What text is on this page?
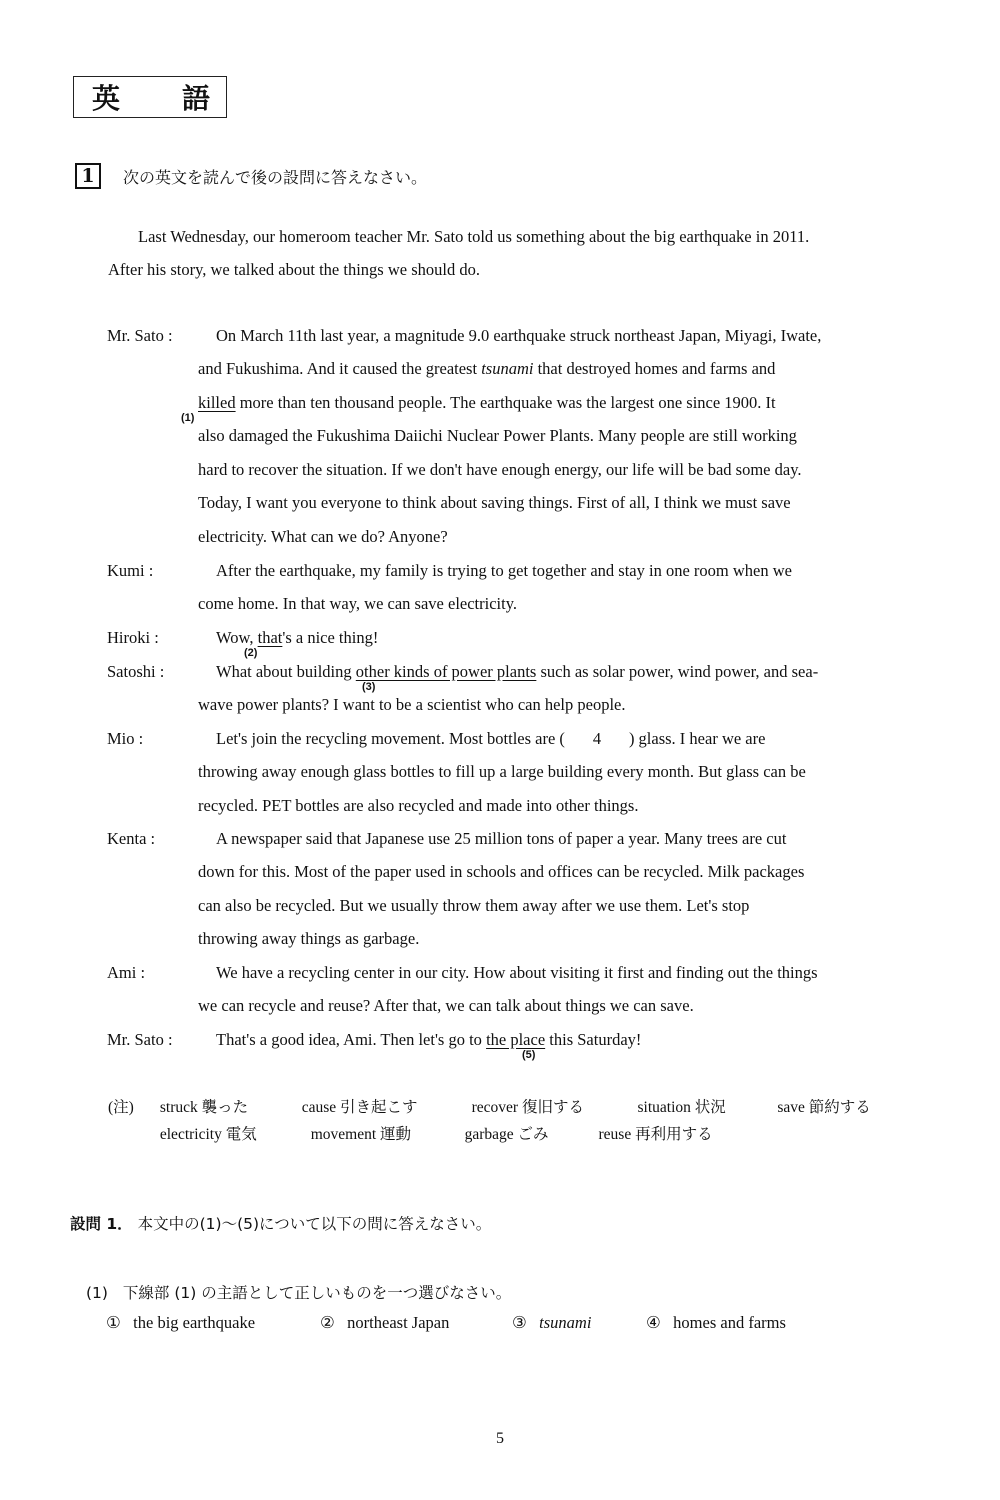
英 語
1	次の英文を読んで後の設問に答えなさい。
Last Wednesday, our homeroom teacher Mr. Sato told us something about the big earthquake in 2011.
After his story, we talked about the things we should do.
Mr. Sato :	On March 11th last year, a magnitude 9.0 earthquake struck northeast Japan, Miyagi, Iwate,
and Fukushima. And it caused the greatest tsunami that destroyed homes and farms and
killed more than ten thousand people. The earthquake was the largest one since 1900. It
also damaged the Fukushima Daiichi Nuclear Power Plants. Many people are still working
hard to recover the situation. If we don't have enough energy, our life will be bad some day.
Today, I want you everyone to think about saving things. First of all, I think we must save
electricity. What can we do? Anyone?
(1)
Kumi :	After the earthquake, my family is trying to get together and stay in one room when we
come home. In that way, we can save electricity.
Hiroki :	Wow, that's a nice thing!
(2)
Satoshi :	What about building other kinds of power plants such as solar power, wind power, and sea-
wave power plants? I want to be a scientist who can help people.
(3)
Mio :	Let's join the recycling movement. Most bottles are ( 4 ) glass. I hear we are
throwing away enough glass bottles to fill up a large building every month. But glass can be
recycled. PET bottles are also recycled and made into other things.
Kenta :	A newspaper said that Japanese use 25 million tons of paper a year. Many trees are cut
down for this. Most of the paper used in schools and offices can be recycled. Milk packages
can also be recycled. But we usually throw them away after we use them. Let's stop
throwing away things as garbage.
Ami :	We have a recycling center in our city. How about visiting it first and finding out the things
we can recycle and reuse? After that, we can talk about things we can save.
Mr. Sato :	That's a good idea, Ami. Then let's go to the place this Saturday!
(5)
(注) struck 襲った	cause 引き起こす	recover 復旧する	situation 状況	save 節約する
electricity 電気	movement 運動	garbage ごみ	reuse 再利用する
設問 1． 本文中の(1)〜(5)について以下の問に答えなさい。
(1) 下線部 (1) の主語として正しいものを一つ選びなさい。
① the big earthquake	② northeast Japan	③ tsunami	④ homes and farms
5
